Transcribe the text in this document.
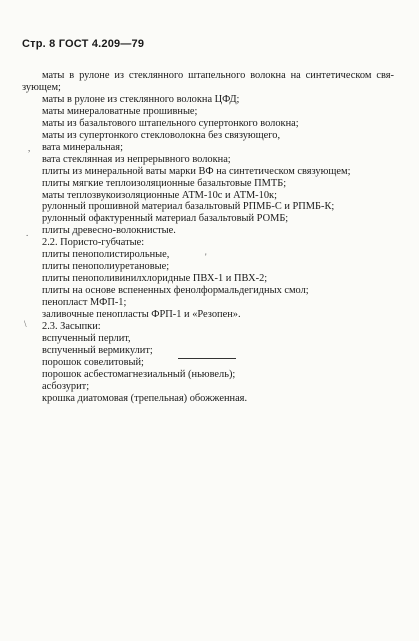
Стр. 8 ГОСТ 4.209—79
маты в рулоне из стеклянного штапельного волокна на синтетическом свя-
зующем;
маты в рулоне из стеклянного волокна ЦФД;
маты минераловатные прошивные;
маты из базальтового штапельного супертонкого волокна;
маты из супертонкого стекловолокна без связующего,
вата минеральная;
вата стеклянная из непрерывного волокна;
плиты из минеральной ваты марки ВФ на синтетическом связующем;
плиты мягкие теплоизоляционные базальтовые ПМТБ;
маты теплозвукоизоляционные АТМ-10с и АТМ-10к;
рулонный прошивной материал базальтовый РПМБ-С и РПМБ-К;
рулонный офактуренный материал базальтовый РОМБ;
плиты древесно-волокнистые.
2.2. Пористо-губчатые:
плиты пенополистирольные,
плиты пенополиуретановые;
плиты пенополивинилхлоридные ПВХ-1 и ПВХ-2;
плиты на основе вспененных фенолформальдегидных смол;
пенопласт МФП-1;
заливочные пенопласты ФРП-1 и «Резопен».
2.3. Засыпки:
вспученный перлит,
вспученный вермикулит;
порошок совелитовый;
порошок асбестомагнезиальный (ньювель);
асбозурит;
крошка диатомовая (трепельная) обожженная.
,
.
'
\
